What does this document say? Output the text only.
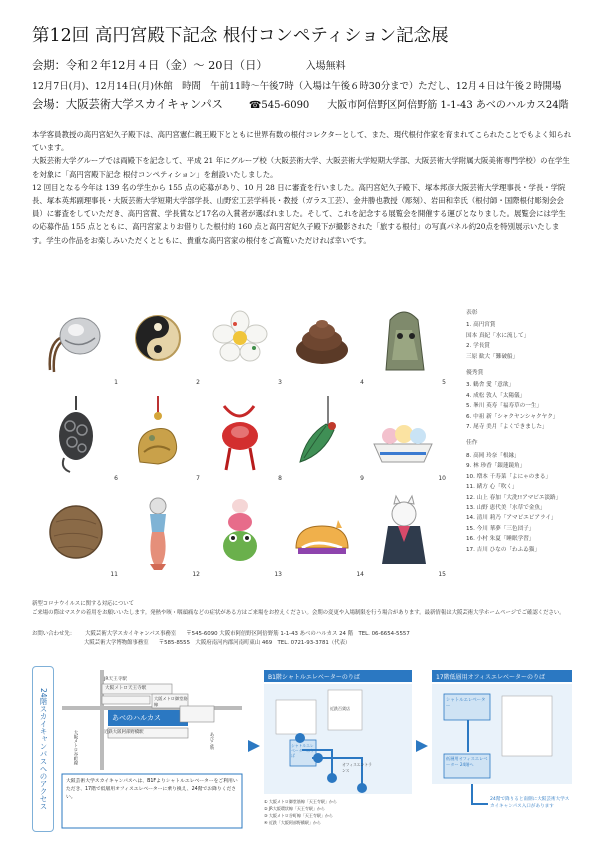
第12回 高円宮殿下記念 根付コンペティション記念展
会期：令和２年12月４日（金）～ 20日（日）	入場無料
12月7日(月)、12月14日(月)休館　時間　午前11時～午後7時（入場は午後６時30分まで）ただし、12月４日は午後２時開場
会場：大阪芸術大学スカイキャンパス	☎545-6090 大阪市阿倍野区阿倍野筋 1-1-43 あべのハルカス24階

本学客員教授の高円宮妃久子殿下は、高円宮憲仁親王殿下とともに世界有数の根付コレクターとして、また、現代根付作家を育まれてこられたことでもよく知られています。

大阪芸術大学グループでは両殿下を記念して、平成 21 年にグループ校（大阪芸術大学、大阪芸術大学短期大学部、大阪芸術大学附属大阪美術専門学校）の在学生を対象に「高円宮殿下記念 根付コンペティション」を創設いたしました。

12 回目となる今年は 139 名の学生から 155 点の応募があり、10 月 28 日に審査を行いました。高円宮妃久子殿下、塚本邦彦大阪芸術大学理事長・学長・学院長、塚本英邦副理事長・大阪芸術大学短期大学部学長、山野宏工芸学科長・教授（ガラス工芸）、金井勝也教授（彫刻）、岩田和幸氏（根付師・国際根付彫刻会会員）に審査をしていただき、高円宮賞、学長賞など17名の入賞者が選ばれました。そして、これを記念する展覧会を開催する運びとなりました。展覧会には学生の応募作品 155 点とともに、高円宮家よりお借りした根付約 160 点と高円宮妃久子殿下が撮影された「旅する根付」の写真パネル約20点を特別展示いたします。学生の作品をお楽しみいただくとともに、貴重な高円宮家の根付をご高覧いただければ幸いです。

1	2	3	4	5
6	7	8	9	10
11	12	13	14	15
表彰
1. 高円宮賞
国本 真紀「水に流して」
2. 学長賞
三原 歓大「難破船」
優秀賞
3. 鶴舎 愛「意欲」
4. 成松 敦人「太陽儀」
5. 峯川 英寿「福寿草の一生」
6. 中祖 新「シャクヤンシャクヤク」
7. 尾寺 美月「よくできました」
佳作
8. 高岡 玲奈「根縁」
9. 林 珍香「銀蓮鏡角」
10. 増本 千寿菜「よにゃのまる」
11. 緒方 心「吹く」
12. 山上 春加「大洗!!アマビエ淡路」
13. 山野 恵代美「水草で金魚」
14. 清川 莉乃「アマビエビアライ」
15. 今川 華夢「三色団子」
16. 小村 朱夏「睡眠学習」
17. 吉川 ひなの「わふゐ猫」
新型コロナウイルスに関する対応について
ご来場の際はマスクの着用をお願いいたします。発熱や咳・咽頭痛などの症状がある方はご来場をお控えください。会期の変更や入場制限を行う場合があります。最新情報は大阪芸術大学ホームページでご確認ください。
お問い合わせ先： 大阪芸術大学スカイキャンパス事務室 〒545-6090 大阪市阿倍野区阿倍野筋 1-1-43 あべのハルカス 24 階　TEL. 06-6654-5557
大阪芸術大学博物館事務室 〒585-8555　大阪府南河内郡河南町東山 469　TEL. 0721-93-3781（代表）
24階スカイキャンパスへのアクセス
JR天王寺駅
大阪メトロ天王寺駅
大阪メトロ御堂筋線
あべのハルカス
近鉄大阪阿部野橋駅	あびこ筋
大阪メトロ谷町線
大阪芸術大学スカイキャンパスへは、B1Fよりシャトルエレベーターをご利用いただき、17階で低層用オフィスエレベーターに乗り換え、24階でお降りください。
B1階シャトルエレベーターのりば
シャトルエレベーターのりば
オフィスエントランス
近鉄百貨店
① 大阪メトロ御堂筋線「天王寺駅」から
② JR大阪環状線「天王寺駅」から
③ 大阪メトロ谷町線「天王寺駅」から
④ 近鉄「大阪阿部野橋駅」から
17階低層用オフィスエレベーターのりば
シャトルエレベーター
低層用オフィスエレベーター 24階へ
24階で降りると南側に大阪芸術大学スカイキャンパス入口があります
